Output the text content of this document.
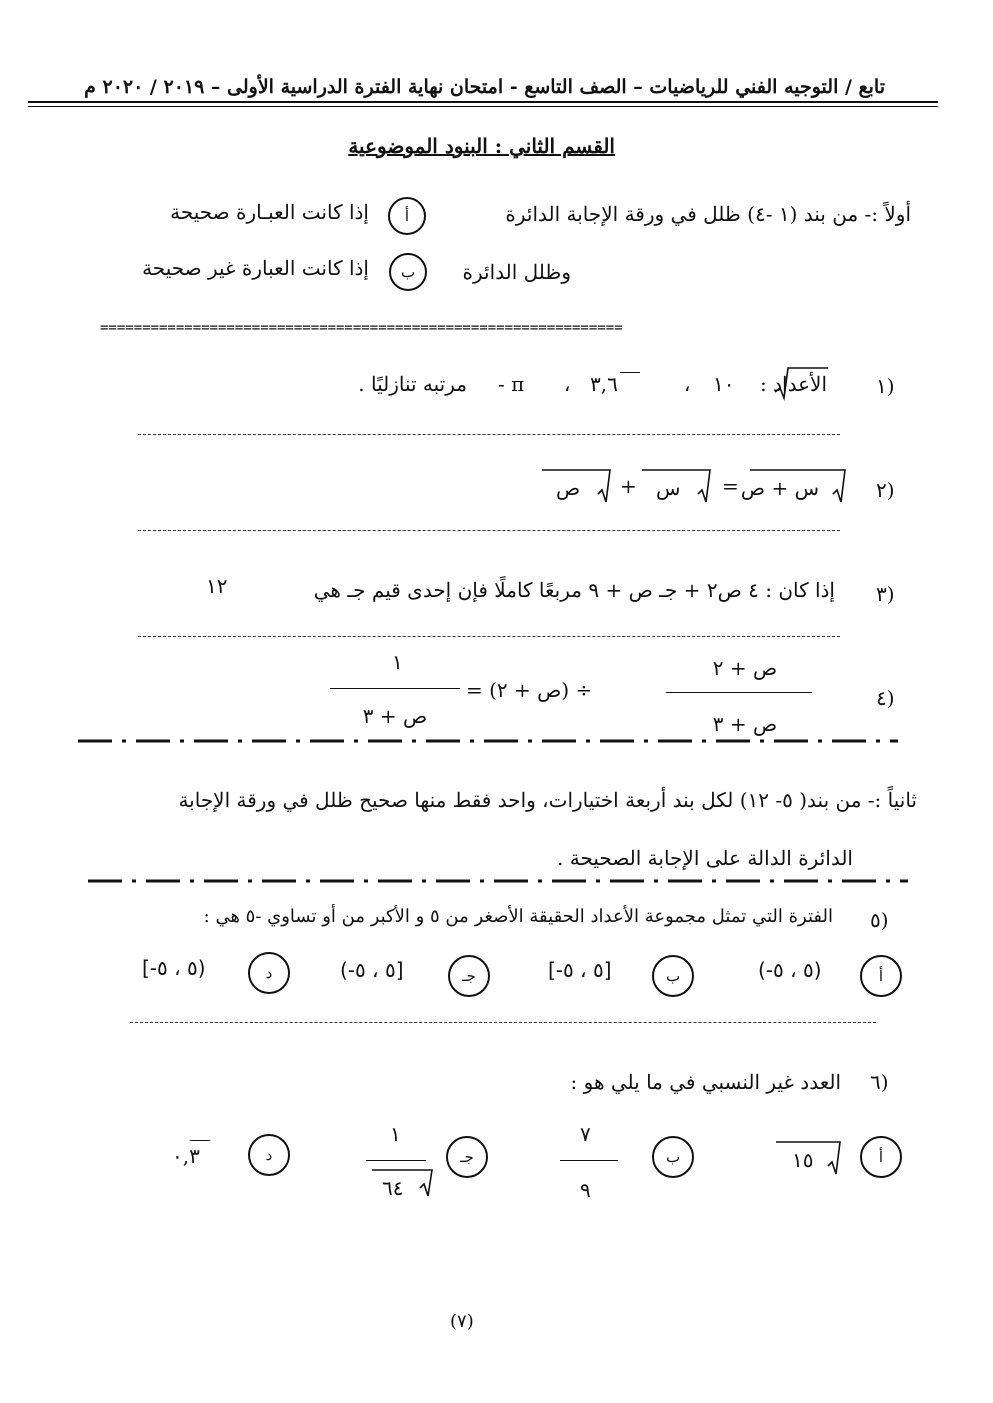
تابع / التوجيه الفني للرياضيات – الصف التاسع - امتحان نهاية الفترة الدراسية الأولى – ٢٠١٩ / ٢٠٢٠ م
القسم الثاني : البنود الموضوعية
أولاً :- من بند (١ -٤) ظلل في ورقة الإجابة الدائرة
أ
إذا كانت العبـارة صحيحة
وظلل الدائرة
ب
إذا كانت العبارة غير صحيحة
==============================================================
١)
الأعداد :
١٠
،
٣,٦
،
- π
مرتبه تنازليًا .
٢)
س + ص
=
س
+
ص
٣)
إذا كان : ٤ ص٢ + جـ ص + ٩ مربعًا كاملًا فإن إحدى قيم جـ هي
١٢
٤)
ص + ٢
ص + ٣
÷ (ص + ٢) =
١
ص + ٣
ثانياً :- من بند( ٥- ١٢) لكل بند أربعة اختيارات، واحد فقط منها صحيح ظلل في ورقة الإجابة
الدائرة الدالة على الإجابة الصحيحة .
٥)
الفترة التي تمثل مجموعة الأعداد الحقيقة الأصغر من ٥ و الأكبر من أو تساوي -٥ هي :
أ
(-٥ ، ٥)
ب
[-٥ ، ٥]
جـ
(-٥ ، ٥]
د
[-٥ ، ٥)
٦)
العدد غير النسبي في ما يلي هو :
أ
١٥
ب
٧
٩
جـ
١
٦٤
د
٠,٣
(٧)
